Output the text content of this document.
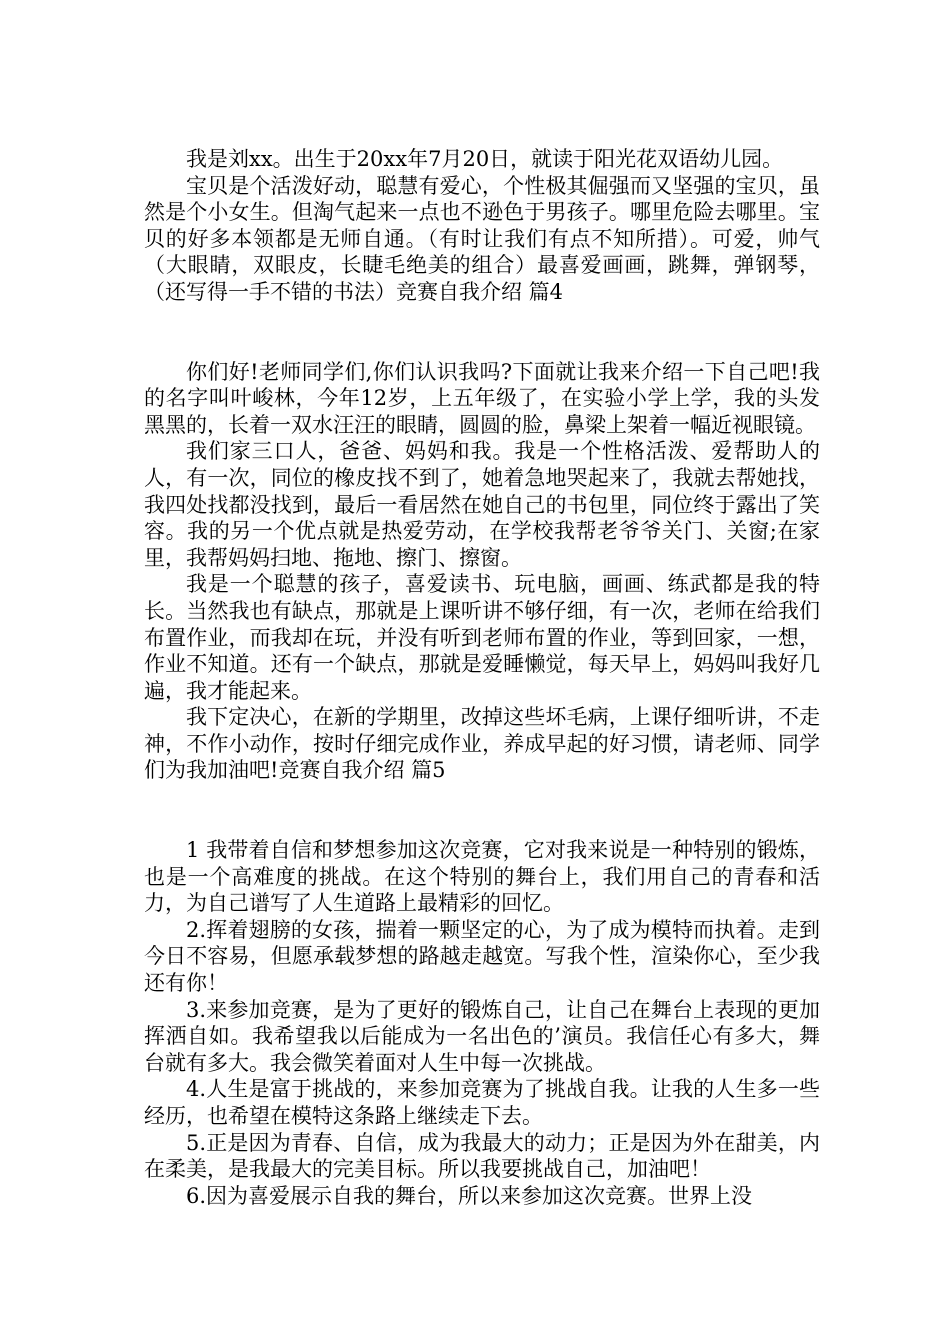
我是刘xx。出生于20xx年7月20日，就读于阳光花双语幼儿园。

宝贝是个活泼好动，聪慧有爱心，个性极其倔强而又坚强的宝贝，虽然是个小女生。但淘气起来一点也不逊色于男孩子。哪里危险去哪里。宝贝的好多本领都是无师自通。（有时让我们有点不知所措）。可爱，帅气（大眼睛，双眼皮，长睫毛绝美的组合）最喜爱画画，跳舞，弹钢琴，（还写得一手不错的书法）竞赛自我介绍 篇4

你们好!老师同学们,你们认识我吗?下面就让我来介绍一下自己吧!我的名字叫叶峻林，今年12岁，上五年级了，在实验小学上学，我的头发黑黑的，长着一双水汪汪的眼睛，圆圆的脸，鼻梁上架着一幅近视眼镜。

我们家三口人，爸爸、妈妈和我。我是一个性格活泼、爱帮助人的人，有一次，同位的橡皮找不到了，她着急地哭起来了，我就去帮她找，我四处找都没找到，最后一看居然在她自己的书包里，同位终于露出了笑容。我的另一个优点就是热爱劳动，在学校我帮老爷爷关门、关窗;在家里，我帮妈妈扫地、拖地、擦门、擦窗。

我是一个聪慧的孩子，喜爱读书、玩电脑，画画、练武都是我的特长。当然我也有缺点，那就是上课听讲不够仔细，有一次，老师在给我们布置作业，而我却在玩，并没有听到老师布置的作业，等到回家，一想，作业不知道。还有一个缺点，那就是爱睡懒觉，每天早上，妈妈叫我好几遍，我才能起来。

我下定决心，在新的学期里，改掉这些坏毛病，上课仔细听讲，不走神，不作小动作，按时仔细完成作业，养成早起的好习惯，请老师、同学们为我加油吧!竞赛自我介绍 篇5

1 我带着自信和梦想参加这次竞赛，它对我来说是一种特别的锻炼，也是一个高难度的挑战。在这个特别的舞台上，我们用自己的青春和活力，为自己谱写了人生道路上最精彩的回忆。

2.挥着翅膀的女孩，揣着一颗坚定的心，为了成为模特而执着。走到今日不容易，但愿承载梦想的路越走越宽。写我个性，渲染你心，至少我还有你！

3.来参加竞赛，是为了更好的锻炼自己，让自己在舞台上表现的更加挥洒自如。我希望我以后能成为一名出色的’演员。我信任心有多大，舞台就有多大。我会微笑着面对人生中每一次挑战。

4.人生是富于挑战的，来参加竞赛为了挑战自我。让我的人生多一些经历，也希望在模特这条路上继续走下去。

5.正是因为青春、自信，成为我最大的动力；正是因为外在甜美，内在柔美，是我最大的完美目标。所以我要挑战自己，加油吧！

6.因为喜爱展示自我的舞台，所以来参加这次竞赛。世界上没
